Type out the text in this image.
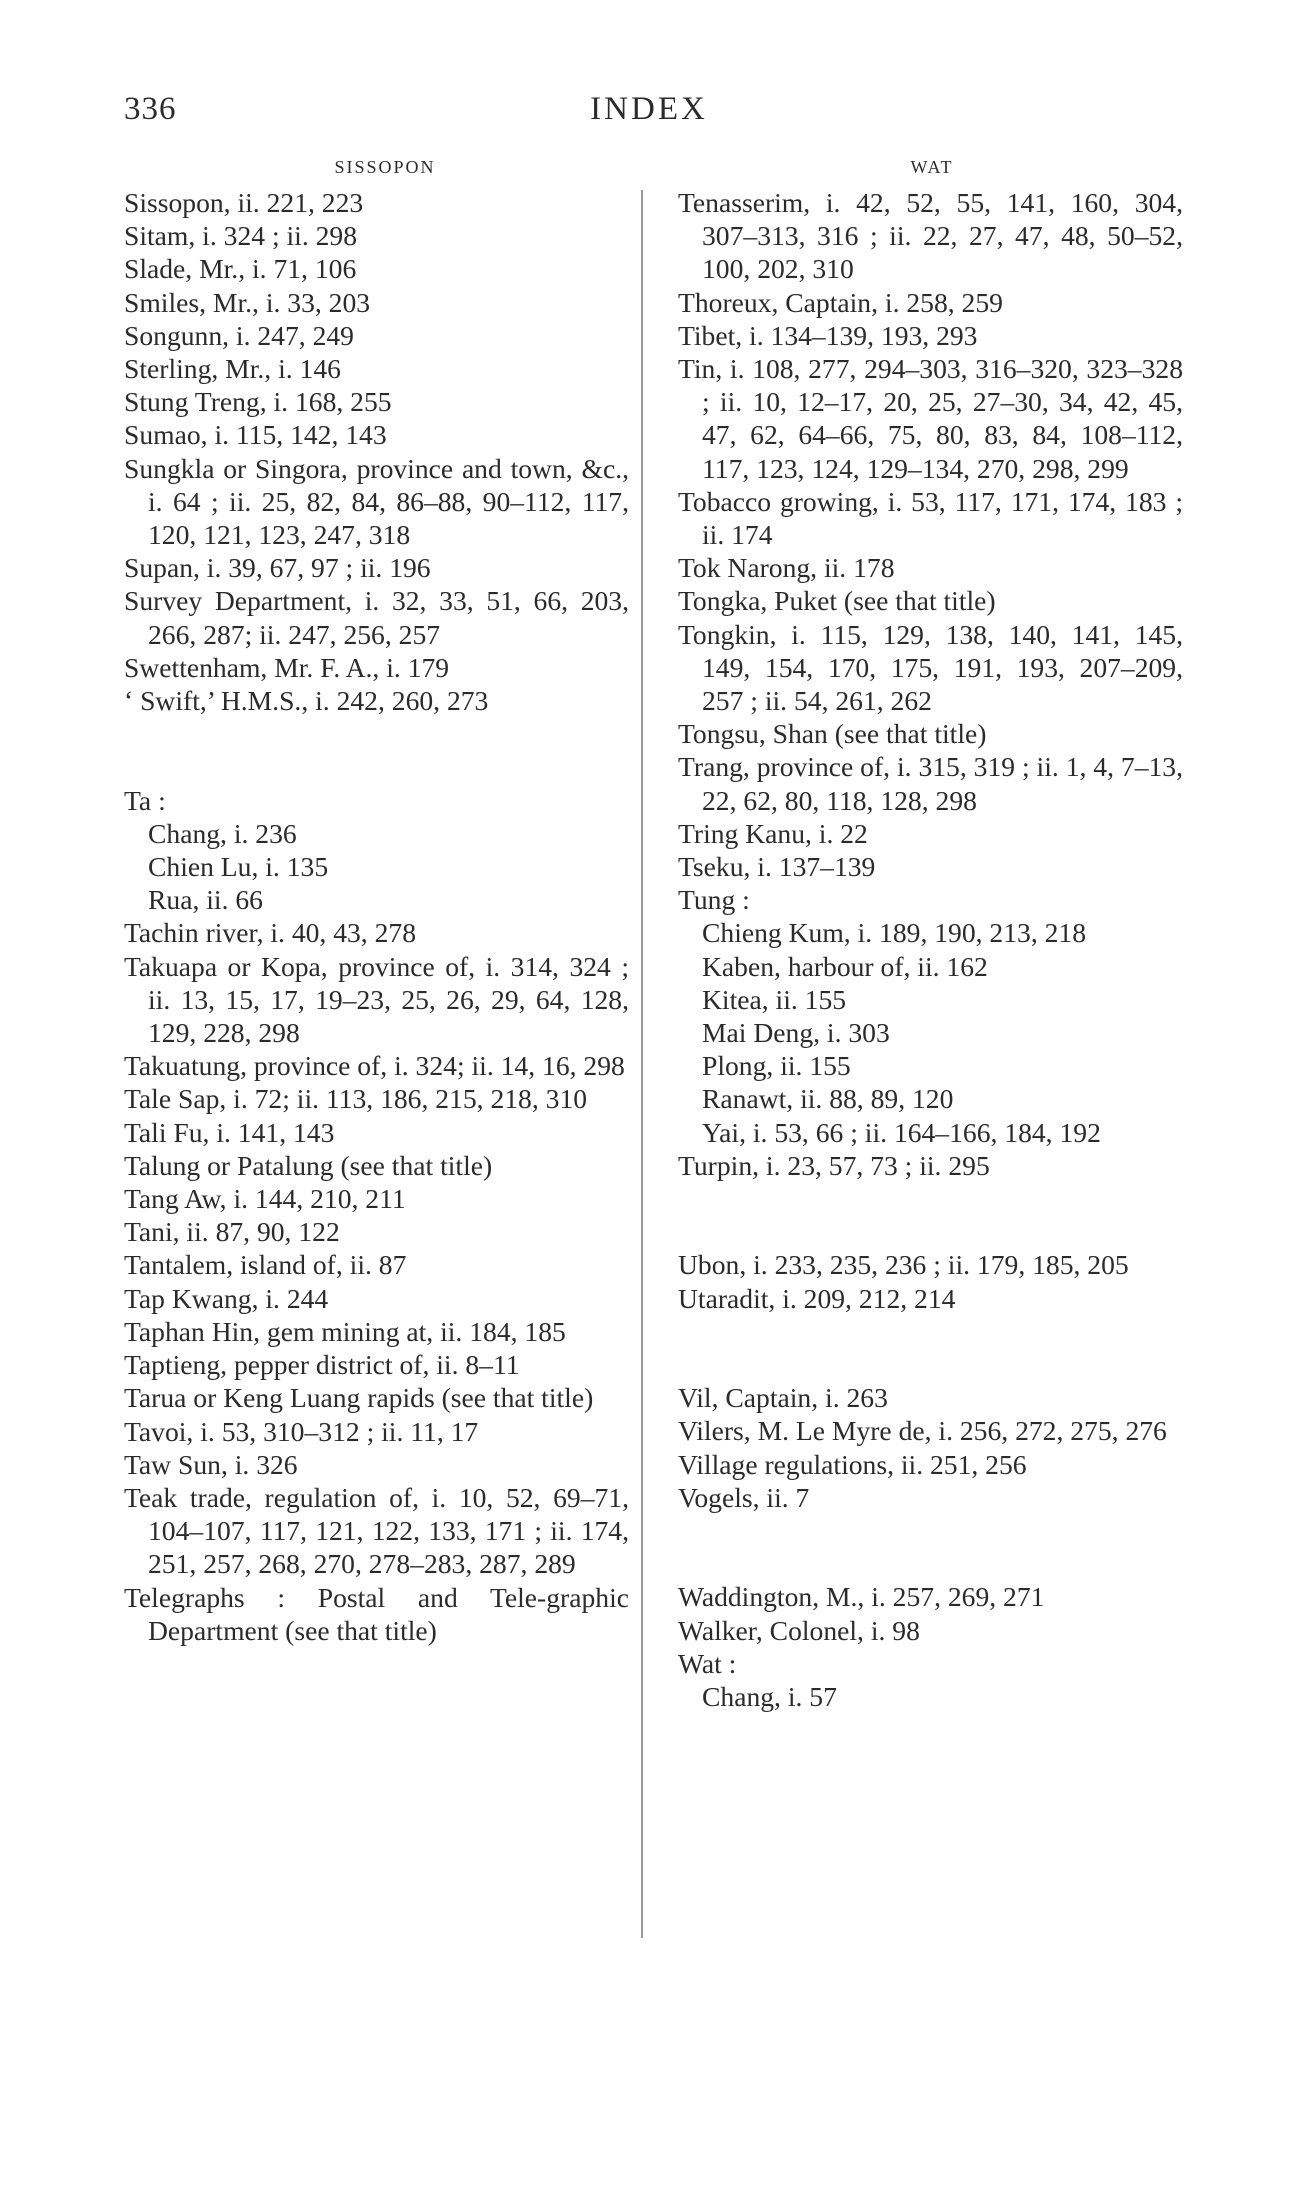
336	INDEX
SISSOPON	WAT
Sissopon, ii. 221, 223
Sitam, i. 324 ; ii. 298
Slade, Mr., i. 71, 106
Smiles, Mr., i. 33, 203
Songunn, i. 247, 249
Sterling, Mr., i. 146
Stung Treng, i. 168, 255
Sumao, i. 115, 142, 143
Sungkla or Singora, province and town, &c., i. 64 ; ii. 25, 82, 84, 86–88, 90–112, 117, 120, 121, 123, 247, 318
Supan, i. 39, 67, 97 ; ii. 196
Survey Department, i. 32, 33, 51, 66, 203, 266, 287; ii. 247, 256, 257
Swettenham, Mr. F. A., i. 179
‘ Swift,’ H.M.S., i. 242, 260, 273
Ta :
Chang, i. 236
Chien Lu, i. 135
Rua, ii. 66
Tachin river, i. 40, 43, 278
Takuapa or Kopa, province of, i. 314, 324 ; ii. 13, 15, 17, 19–23, 25, 26, 29, 64, 128, 129, 228, 298
Takuatung, province of, i. 324; ii. 14, 16, 298
Tale Sap, i. 72; ii. 113, 186, 215, 218, 310
Tali Fu, i. 141, 143
Talung or Patalung (see that title)
Tang Aw, i. 144, 210, 211
Tani, ii. 87, 90, 122
Tantalem, island of, ii. 87
Tap Kwang, i. 244
Taphan Hin, gem mining at, ii. 184, 185
Taptieng, pepper district of, ii. 8–11
Tarua or Keng Luang rapids (see that title)
Tavoi, i. 53, 310–312 ; ii. 11, 17
Taw Sun, i. 326
Teak trade, regulation of, i. 10, 52, 69–71, 104–107, 117, 121, 122, 133, 171 ; ii. 174, 251, 257, 268, 270, 278–283, 287, 289
Telegraphs : Postal and Tele-graphic Department (see that title)
Tenasserim, i. 42, 52, 55, 141, 160, 304, 307–313, 316 ; ii. 22, 27, 47, 48, 50–52, 100, 202, 310
Thoreux, Captain, i. 258, 259
Tibet, i. 134–139, 193, 293
Tin, i. 108, 277, 294–303, 316–320, 323–328 ; ii. 10, 12–17, 20, 25, 27–30, 34, 42, 45, 47, 62, 64–66, 75, 80, 83, 84, 108–112, 117, 123, 124, 129–134, 270, 298, 299
Tobacco growing, i. 53, 117, 171, 174, 183 ; ii. 174
Tok Narong, ii. 178
Tongka, Puket (see that title)
Tongkin, i. 115, 129, 138, 140, 141, 145, 149, 154, 170, 175, 191, 193, 207–209, 257 ; ii. 54, 261, 262
Tongsu, Shan (see that title)
Trang, province of, i. 315, 319 ; ii. 1, 4, 7–13, 22, 62, 80, 118, 128, 298
Tring Kanu, i. 22
Tseku, i. 137–139
Tung :
Chieng Kum, i. 189, 190, 213, 218
Kaben, harbour of, ii. 162
Kitea, ii. 155
Mai Deng, i. 303
Plong, ii. 155
Ranawt, ii. 88, 89, 120
Yai, i. 53, 66 ; ii. 164–166, 184, 192
Turpin, i. 23, 57, 73 ; ii. 295
Ubon, i. 233, 235, 236 ; ii. 179, 185, 205
Utaradit, i. 209, 212, 214
Vil, Captain, i. 263
Vilers, M. Le Myre de, i. 256, 272, 275, 276
Village regulations, ii. 251, 256
Vogels, ii. 7
Waddington, M., i. 257, 269, 271
Walker, Colonel, i. 98
Wat :
Chang, i. 57
